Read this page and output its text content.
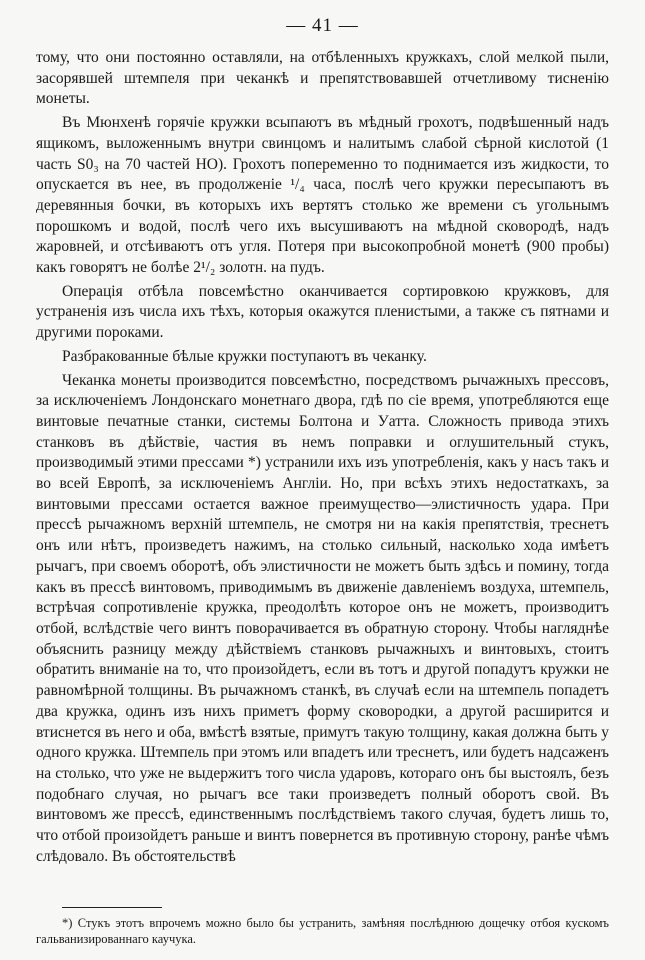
— 41 —

тому, что они постоянно оставляли, на отбѣленныхъ кружкахъ, слой мелкой пыли, засорявшей штемпеля при чеканкѣ и препятствовавшей отчетливому тисненію монеты.

Въ Мюнхенѣ горячіе кружки всыпаютъ въ мѣдный грохотъ, подвѣшенный надъ ящикомъ, выложеннымъ внутри свинцомъ и налитымъ слабой сѣрной кислотой (1 часть S0₃ на 70 частей НО). Грохотъ попеременно то поднимается изъ жидкости, то опускается въ нее, въ продолженіе ¹/₄ часа, послѣ чего кружки пересыпаютъ въ деревянныя бочки, въ которыхъ ихъ вертятъ столько же времени съ угольнымъ порошкомъ и водой, послѣ чего ихъ высушиваютъ на мѣдной сковородѣ, надъ жаровней, и отсѣиваютъ отъ угля. Потеря при высокопробной монетѣ (900 пробы) какъ говорятъ не болѣе 2¹/₂ золотн. на пудъ.

Операція отбѣла повсемѣстно оканчивается сортировкою кружковъ, для устраненія изъ числа ихъ тѣхъ, которыя окажутся пленистыми, а также съ пятнами и другими пороками.

Разбракованные бѣлые кружки поступаютъ въ чеканку.

Чеканка монеты производится повсемѣстно, посредствомъ рычажныхъ прессовъ, за исключеніемъ Лондонскаго монетнаго двора, гдѣ по сіе время, употребляются еще винтовые печатные станки, системы Болтона и Уатта. Сложность привода этихъ станковъ въ дѣйствіе, частия въ немъ поправки и оглушительный стукъ, производимый этими прессами *) устранили ихъ изъ употребленія, какъ у насъ такъ и во всей Европѣ, за исключеніемъ Англіи. Но, при всѣхъ этихъ недостаткахъ, за винтовыми прессами остается важное преимущество—элистичность удара. При прессѣ рычажномъ верхній штемпель, не смотря ни на какія препятствія, треснетъ онъ или нѣтъ, произведетъ нажимъ, на столько сильный, насколько хода имѣетъ рычагъ, при своемъ оборотѣ, объ элистичности не можетъ быть здѣсь и помину, тогда какъ въ прессѣ винтовомъ, приводимымъ въ движеніе давленіемъ воздуха, штемпель, встрѣчая сопротивленіе кружка, преодолѣть которое онъ не можетъ, производитъ отбой, вслѣдствіе чего винтъ поворачивается въ обратную сторону. Чтобы нагляднѣе объяснить разницу между дѣйствіемъ станковъ рычажныхъ и винтовыхъ, стоитъ обратить вниманіе на то, что произойдетъ, если въ тотъ и другой попадутъ кружки не равномѣрной толщины. Въ рычажномъ станкѣ, въ случаѣ если на штемпель попадетъ два кружка, одинъ изъ нихъ приметъ форму сковородки, а другой расширится и втиснется въ него и оба, вмѣстѣ взятые, примутъ такую толщину, какая должна быть у одного кружка. Штемпель при этомъ или впадетъ или треснетъ, или будетъ надсаженъ на столько, что уже не выдержитъ того числа ударовъ, котораго онъ бы выстоялъ, безъ подобнаго случая, но рычагъ все таки произведетъ полный оборотъ свой. Въ винтовомъ же прессѣ, единственнымъ послѣдствіемъ такого случая, будетъ лишь то, что отбой произойдетъ раньше и винтъ повернется въ противную сторону, ранѣе чѣмъ слѣдовало. Въ обстоятельствѣ

*) Стукъ этотъ впрочемъ можно было бы устранить, замѣняя послѣднюю дощечку отбоя кускомъ гальванизированнаго каучука.
